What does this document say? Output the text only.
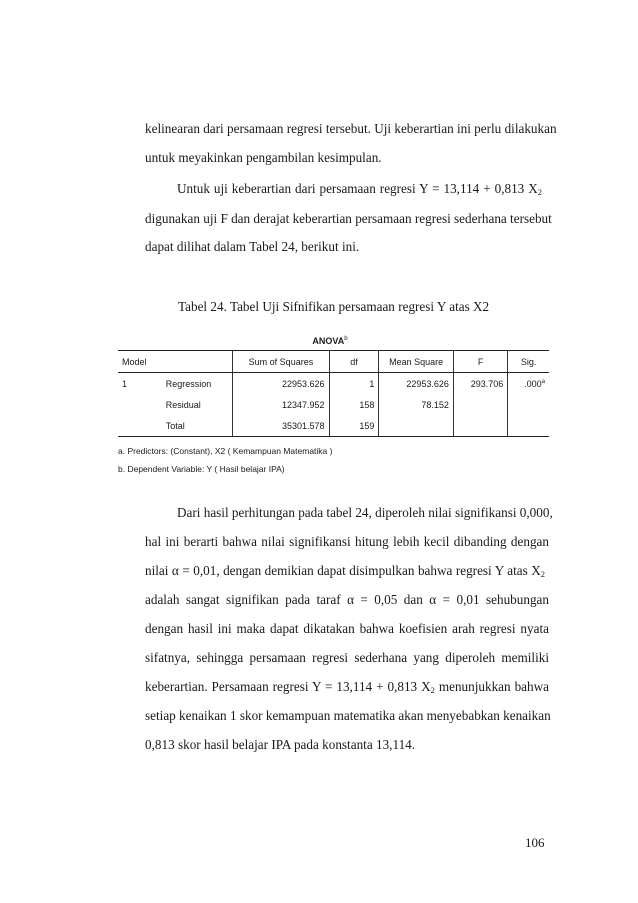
kelinearan dari persamaan regresi tersebut. Uji keberartian ini perlu dilakukan
untuk meyakinkan pengambilan kesimpulan.
Untuk uji keberartian dari persamaan regresi Y = 13,114 + 0,813 $X_2$
digunakan uji F dan derajat keberartian persamaan regresi sederhana tersebut
dapat dilihat dalam Tabel 24, berikut ini.
Tabel 24. Tabel Uji Sifnifikan persamaan regresi Y atas X2
ANOVA$^b$
Model		Sum of Squares	df	Mean Square	F	Sig.
1	Regression	22953.626	1	22953.626	293.706	.000$^a$
	Residual	12347.952	158	78.152		
	Total	35301.578	159			
a. Predictors: (Constant), X2 ( Kemampuan Matematika )
b. Dependent Variable: Y ( Hasil belajar IPA)
Dari hasil perhitungan pada tabel 24, diperoleh nilai signifikansi 0,000,
hal ini berarti bahwa nilai signifikansi hitung lebih kecil dibanding dengan
nilai α = 0,01, dengan demikian dapat disimpulkan bahwa regresi Y atas $X_2$
adalah sangat signifikan pada taraf α = 0,05 dan α = 0,01 sehubungan
dengan hasil ini maka dapat dikatakan bahwa koefisien arah regresi nyata
sifatnya, sehingga persamaan regresi sederhana yang diperoleh memiliki
keberartian. Persamaan regresi Y = 13,114 + 0,813 $X_2$ menunjukkan bahwa
setiap kenaikan 1 skor kemampuan matematika akan menyebabkan kenaikan
0,813 skor hasil belajar IPA pada konstanta 13,114.
106
